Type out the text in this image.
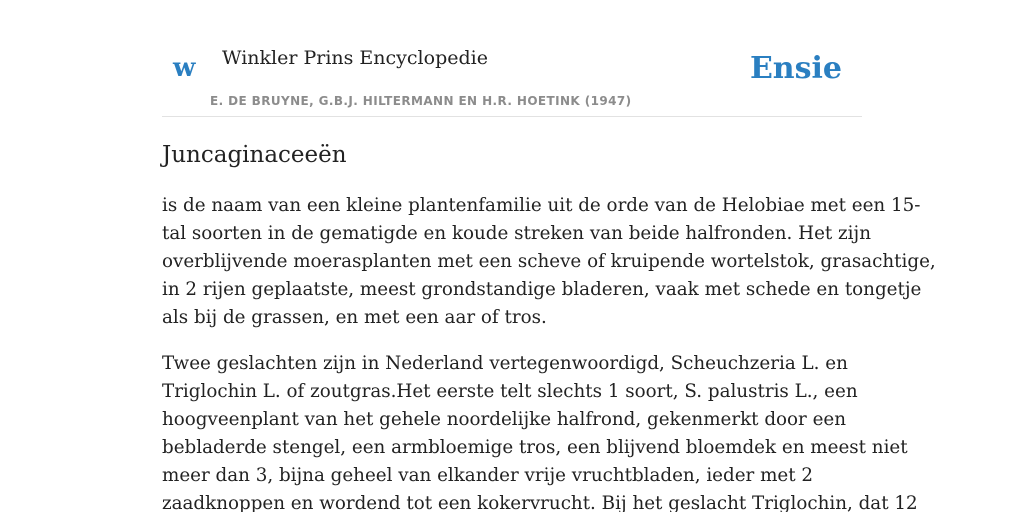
w Winkler Prins Encyclopedie
E. DE BRUYNE, G.B.J. HILTERMANN EN H.R. HOETINK (1947)
Ensie
Juncaginaceeën

is de naam van een kleine plantenfamilie uit de orde van de Helobiae met een 15-
tal soorten in de gematigde en koude streken van beide halfronden. Het zijn
overblijvende moerasplanten met een scheve of kruipende wortelstok, grasachtige,
in 2 rijen geplaatste, meest grondstandige bladeren, vaak met schede en tongetje
als bij de grassen, en met een aar of tros.

Twee geslachten zijn in Nederland vertegenwoordigd, Scheuchzeria L. en
Triglochin L. of zoutgras.Het eerste telt slechts 1 soort, S. palustris L., een
hoogveenplant van het gehele noordelijke halfrond, gekenmerkt door een
bebladerde stengel, een armbloemige tros, een blijvend bloemdek en meest niet
meer dan 3, bijna geheel van elkander vrije vruchtbladen, ieder met 2
zaadknoppen en wordend tot een kokervrucht. Bij het geslacht Triglochin, dat 12
